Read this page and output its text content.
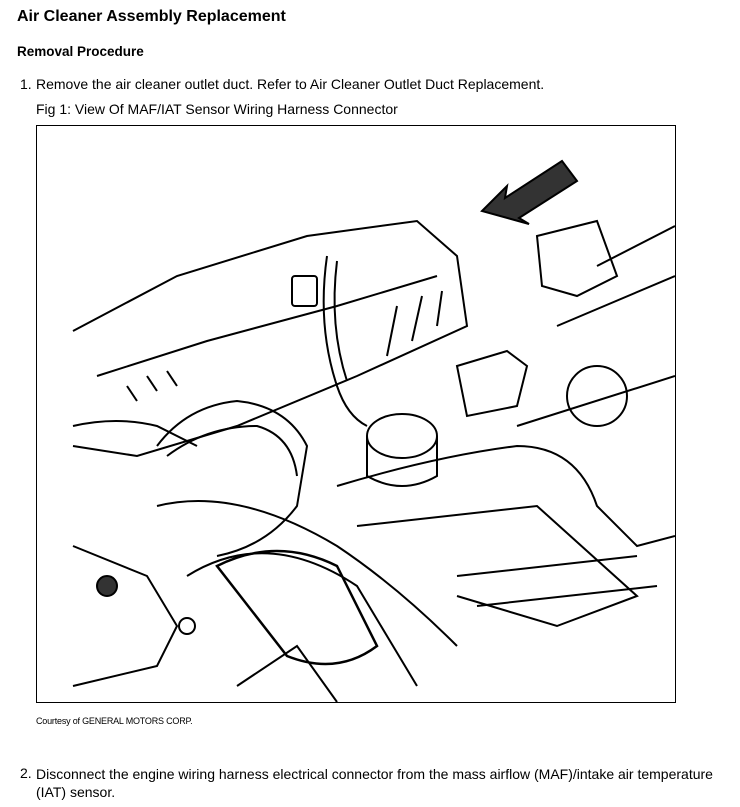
Air Cleaner Assembly Replacement
Removal Procedure
1. Remove the air cleaner outlet duct. Refer to Air Cleaner Outlet Duct Replacement.
Fig 1: View Of MAF/IAT Sensor Wiring Harness Connector
Courtesy of GENERAL MOTORS CORP.
2. Disconnect the engine wiring harness electrical connector from the mass airflow (MAF)/intake air temperature (IAT) sensor.
